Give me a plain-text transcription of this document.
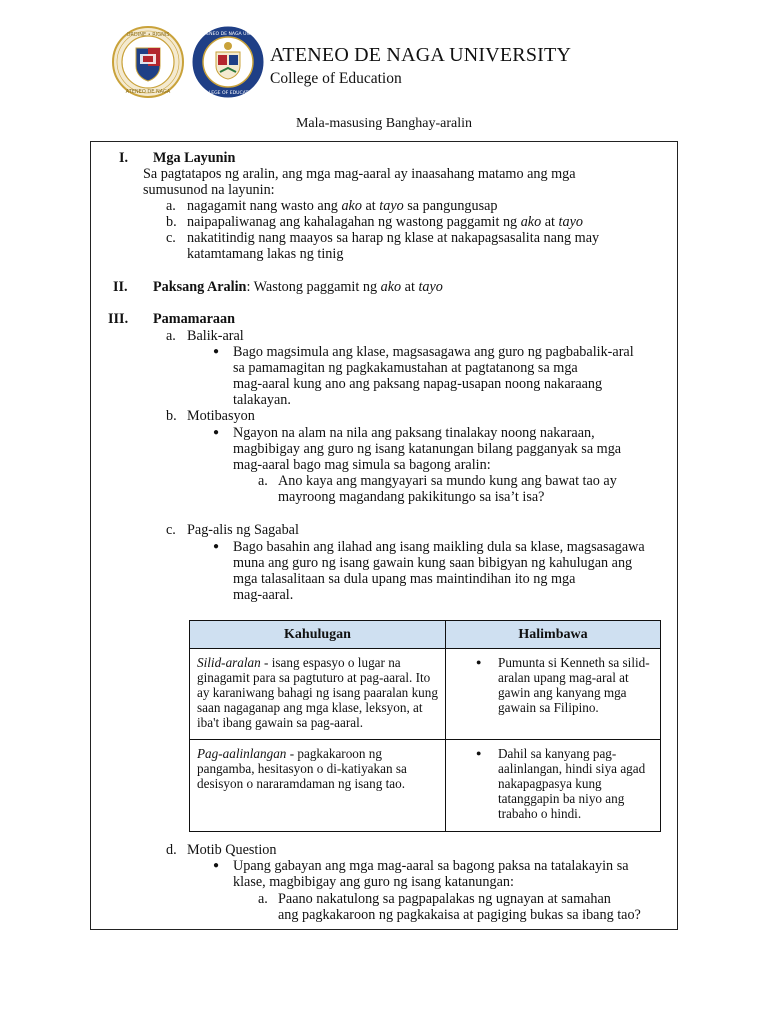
ORDINE • RIGNIS
ATENEO DE NAGA
ATENEO DE NAGA UNIV.
COLLEGE OF EDUCATION
ATENEO DE NAGA UNIVERSITY
College of Education
Mala-masusing Banghay-aralin
I. Mga Layunin
Sa pagtatapos ng aralin, ang mga mag-aaral ay inaasahang matamo ang mga
sumusunod na layunin:
a. nagagamit nang wasto ang ako at tayo sa pangungusap
b. naipapaliwanag ang kahalagahan ng wastong paggamit ng ako at tayo
c. nakatitindig nang maayos sa harap ng klase at nakapagsasalita nang may
katamtamang lakas ng tinig
II. Paksang Aralin: Wastong paggamit ng ako at tayo
III. Pamamaraan
a. Balik-aral
● Bago magsimula ang klase, magsasagawa ang guro ng pagbabalik-aral
sa pamamagitan ng pagkakamustahan at pagtatanong sa mga
mag-aaral kung ano ang paksang napag-usapan noong nakaraang
talakayan.
b. Motibasyon
● Ngayon na alam na nila ang paksang tinalakay noong nakaraan,
magbibigay ang guro ng isang katanungan bilang pagganyak sa mga
mag-aaral bago mag simula sa bagong aralin:
a. Ano kaya ang mangyayari sa mundo kung ang bawat tao ay
mayroong magandang pakikitungo sa isa’t isa?
c. Pag-alis ng Sagabal
● Bago basahin ang ilahad ang isang maikling dula sa klase, magsasagawa
muna ang guro ng isang gawain kung saan bibigyan ng kahulugan ang
mga talasalitaan sa dula upang mas maintindihan ito ng mga
mag-aaral.
Kahulugan	Halimbawa
Silid-aralan - isang espasyo o lugar na ginagamit para sa pagtuturo at pag-aaral. Ito ay karaniwang bahagi ng isang paaralan kung saan nagaganap ang mga klase, leksyon, at iba't ibang gawain sa pag-aaral.	● Pumunta si Kenneth sa silid-aralan upang mag-aral at gawin ang kanyang mga gawain sa Filipino.

Pag-aalinlangan - pagkakaroon ng pangamba, hesitasyon o di-katiyakan sa desisyon o nararamdaman ng isang tao.	● Dahil sa kanyang pag-aalinlangan, hindi siya agad nakapagpasya kung tatanggapin ba niyo ang trabaho o hindi.
d. Motib Question
● Upang gabayan ang mga mag-aaral sa bagong paksa na tatalakayin sa
klase, magbibigay ang guro ng isang katanungan:
a. Paano nakatulong sa pagpapalakas ng ugnayan at samahan
ang pagkakaroon ng pagkakaisa at pagiging bukas sa ibang tao?
